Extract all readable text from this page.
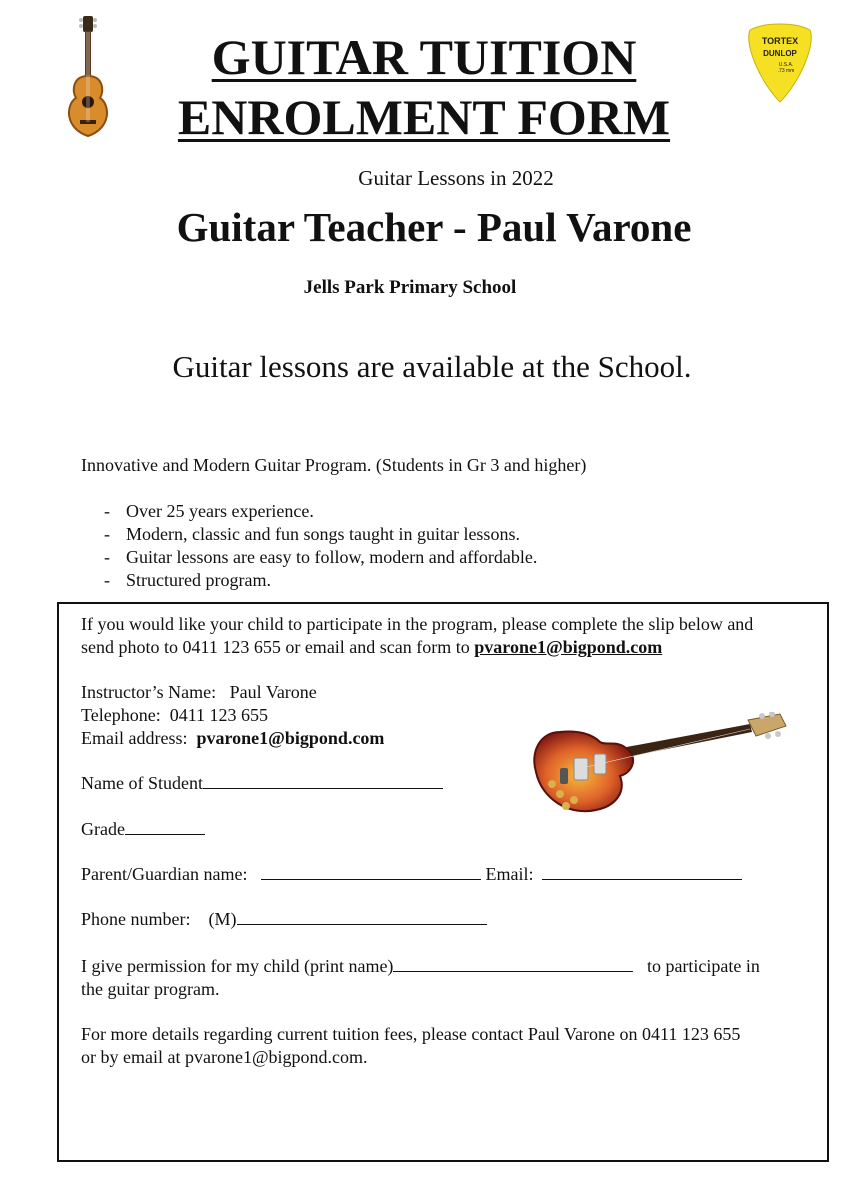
TORTEX
DUNLOP
U.S.A.
.73 mm
GUITAR TUITION
ENROLMENT FORM
Guitar Lessons in 2022
Guitar Teacher - Paul Varone
Jells Park Primary School
Guitar lessons are available at the School.
Innovative and Modern Guitar Program. (Students in Gr 3 and higher)
- Over 25 years experience.
- Modern, classic and fun songs taught in guitar lessons.
- Guitar lessons are easy to follow, modern and affordable.
- Structured program.
If you would like your child to participate in the program, please complete the slip below and
send photo to 0411 123 655 or email and scan form to pvarone1@bigpond.com
Instructor’s Name: Paul Varone
Telephone: 0411 123 655
Email address: pvarone1@bigpond.com
Name of Student
Grade
Parent/Guardian name:	Email:
Phone number: (M)
I give permission for my child (print name)	to participate in
the guitar program.
For more details regarding current tuition fees, please contact Paul Varone on 0411 123 655
or by email at pvarone1@bigpond.com.
